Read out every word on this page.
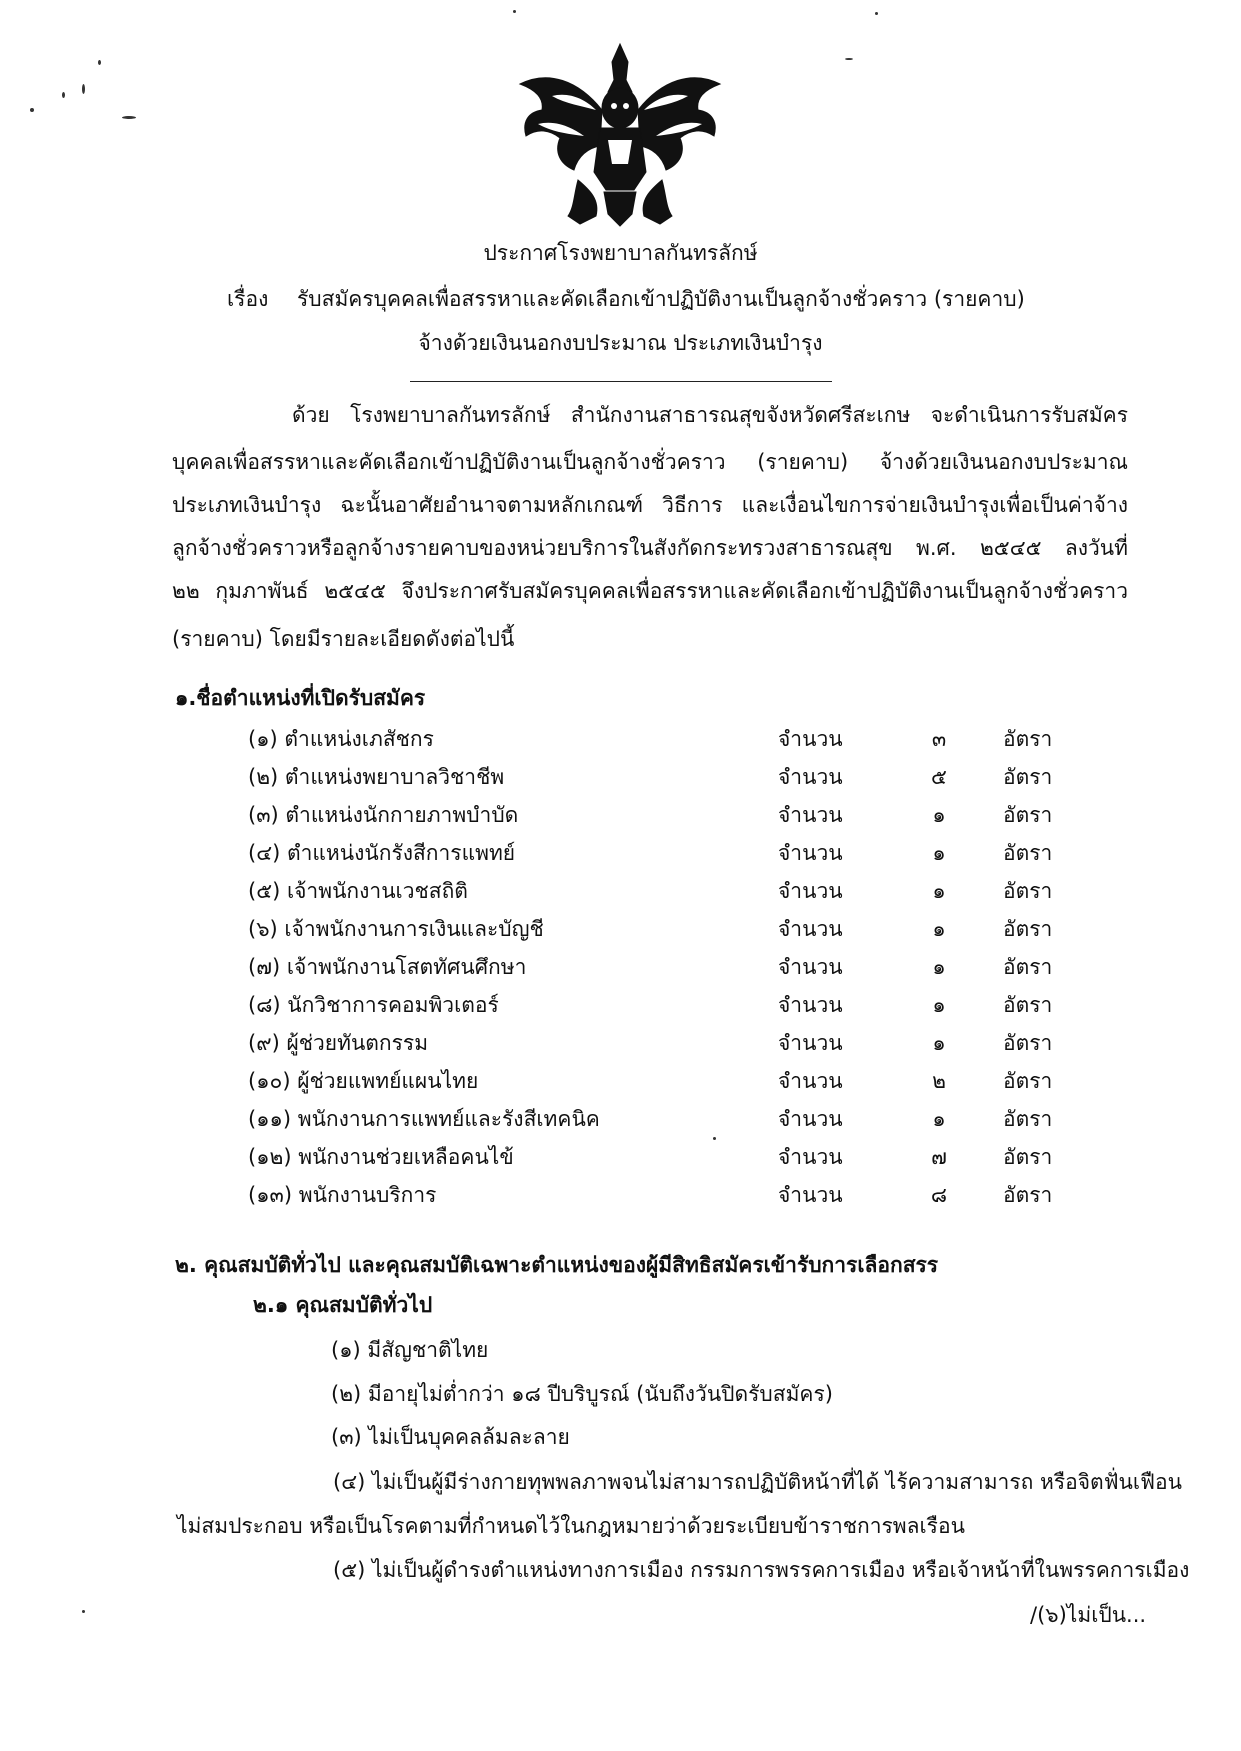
ประกาศโรงพยาบาลกันทรลักษ์
เรื่อง รับสมัครบุคคลเพื่อสรรหาและคัดเลือกเข้าปฏิบัติงานเป็นลูกจ้างชั่วคราว (รายคาบ)
จ้างด้วยเงินนอกงบประมาณ ประเภทเงินบำรุง
ด้วย โรงพยาบาลกันทรลักษ์ สำนักงานสาธารณสุขจังหวัดศรีสะเกษ จะดำเนินการรับสมัคร
บุคคลเพื่อสรรหาและคัดเลือกเข้าปฏิบัติงานเป็นลูกจ้างชั่วคราว (รายคาบ) จ้างด้วยเงินนอกงบประมาณ
ประเภทเงินบำรุง ฉะนั้นอาศัยอำนาจตามหลักเกณฑ์ วิธีการ และเงื่อนไขการจ่ายเงินบำรุงเพื่อเป็นค่าจ้าง
ลูกจ้างชั่วคราวหรือลูกจ้างรายคาบของหน่วยบริการในสังกัดกระทรวงสาธารณสุข พ.ศ. ๒๕๔๕ ลงวันที่
๒๒ กุมภาพันธ์ ๒๕๔๕ จึงประกาศรับสมัครบุคคลเพื่อสรรหาและคัดเลือกเข้าปฏิบัติงานเป็นลูกจ้างชั่วคราว
(รายคาบ) โดยมีรายละเอียดดังต่อไปนี้
๑.ชื่อตำแหน่งที่เปิดรับสมัคร
(๑) ตำแหน่งเภสัชกร	จำนวน	๓	อัตรา
(๒) ตำแหน่งพยาบาลวิชาชีพ	จำนวน	๕	อัตรา
(๓) ตำแหน่งนักกายภาพบำบัด	จำนวน	๑	อัตรา
(๔) ตำแหน่งนักรังสีการแพทย์	จำนวน	๑	อัตรา
(๕) เจ้าพนักงานเวชสถิติ	จำนวน	๑	อัตรา
(๖) เจ้าพนักงานการเงินและบัญชี	จำนวน	๑	อัตรา
(๗) เจ้าพนักงานโสตทัศนศึกษา	จำนวน	๑	อัตรา
(๘) นักวิชาการคอมพิวเตอร์	จำนวน	๑	อัตรา
(๙) ผู้ช่วยทันตกรรม	จำนวน	๑	อัตรา
(๑๐) ผู้ช่วยแพทย์แผนไทย	จำนวน	๒	อัตรา
(๑๑) พนักงานการแพทย์และรังสีเทคนิค	จำนวน	๑	อัตรา
(๑๒) พนักงานช่วยเหลือคนไข้	จำนวน	๗	อัตรา
(๑๓) พนักงานบริการ	จำนวน	๘	อัตรา
๒. คุณสมบัติทั่วไป และคุณสมบัติเฉพาะตำแหน่งของผู้มีสิทธิสมัครเข้ารับการเลือกสรร
๒.๑ คุณสมบัติทั่วไป
(๑) มีสัญชาติไทย
(๒) มีอายุไม่ต่ำกว่า ๑๘ ปีบริบูรณ์ (นับถึงวันปิดรับสมัคร)
(๓) ไม่เป็นบุคคลล้มละลาย
(๔) ไม่เป็นผู้มีร่างกายทุพพลภาพจนไม่สามารถปฏิบัติหน้าที่ได้ ไร้ความสามารถ หรือจิตฟั่นเฟือน
ไม่สมประกอบ หรือเป็นโรคตามที่กำหนดไว้ในกฎหมายว่าด้วยระเบียบข้าราชการพลเรือน
(๕) ไม่เป็นผู้ดำรงตำแหน่งทางการเมือง กรรมการพรรคการเมือง หรือเจ้าหน้าที่ในพรรคการเมือง
/(๖)ไม่เป็น...
